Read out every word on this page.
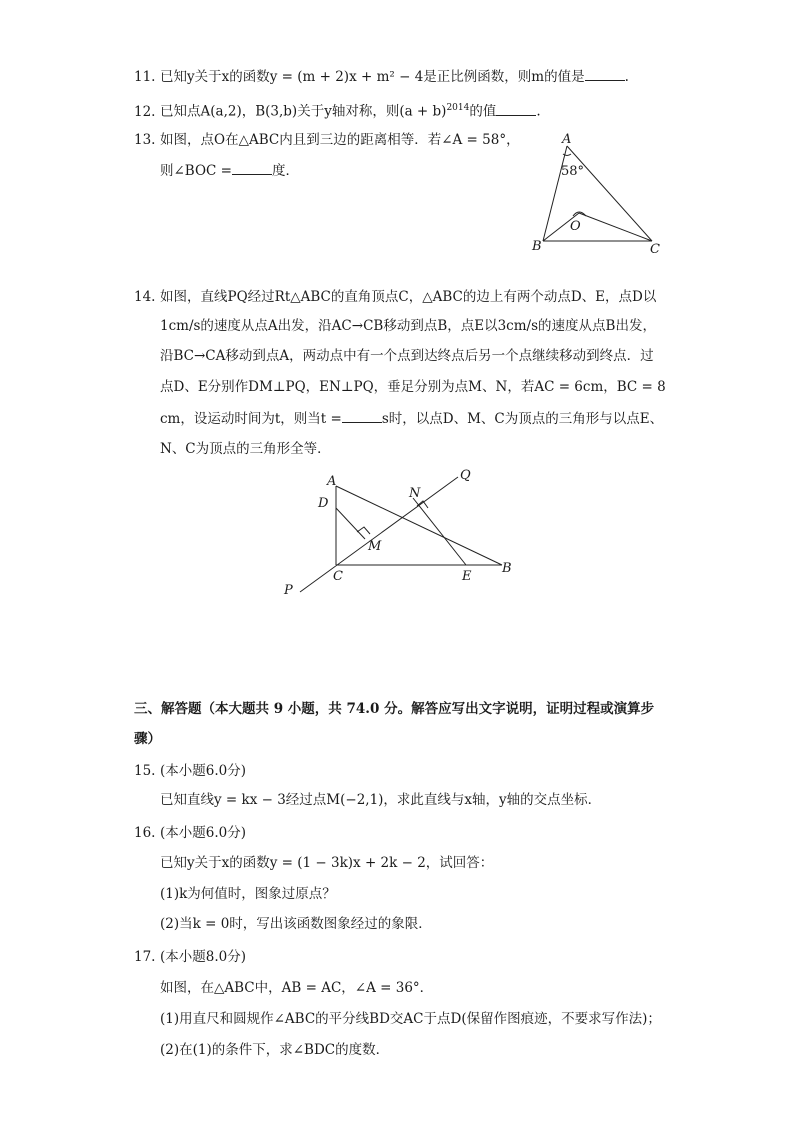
11. 已知y关于x的函数y = (m + 2)x + m² − 4是正比例函数，则m的值是	.
12. 已知点A(a,2)，B(3,b)关于y轴对称，则$(a + b)^{2014}$的值	.
13. 如图，点O在△ABC内且到三边的距离相等．若∠A = 58°，
则∠BOC =	度．
A
B	C
O
58°
14. 如图，直线PQ经过Rt△ABC的直角顶点C，△ABC的边上有两个动点D、E，点D以
1cm/s的速度从点A出发，沿AC→CB移动到点B，点E以3cm/s的速度从点B出发，
沿BC→CA移动到点A，两动点中有一个点到达终点后另一个点继续移动到终点．过
点D、E分别作DM⊥PQ，EN⊥PQ，垂足分别为点M、N，若AC = 6cm，BC = 8
cm，设运动时间为t，则当t =	s时，以点D、M、C为顶点的三角形与以点E、
N、C为顶点的三角形全等．
A
D
M
N
Q
C	E
B
P
三、解答题（本大题共 9 小题，共 74.0 分。解答应写出文字说明，证明过程或演算步
骤）
15. (本小题6.0分)
已知直线y = kx − 3经过点M(−2,1)，求此直线与x轴，y轴的交点坐标．
16. (本小题6.0分)
已知y关于x的函数y = (1 − 3k)x + 2k − 2，试回答：
(1)k为何值时，图象过原点？
(2)当k = 0时，写出该函数图象经过的象限．
17. (本小题8.0分)
如图，在△ABC中，AB = AC，∠A = 36°．
(1)用直尺和圆规作∠ABC的平分线BD交AC于点D(保留作图痕迹，不要求写作法)；
(2)在(1)的条件下，求∠BDC的度数．
